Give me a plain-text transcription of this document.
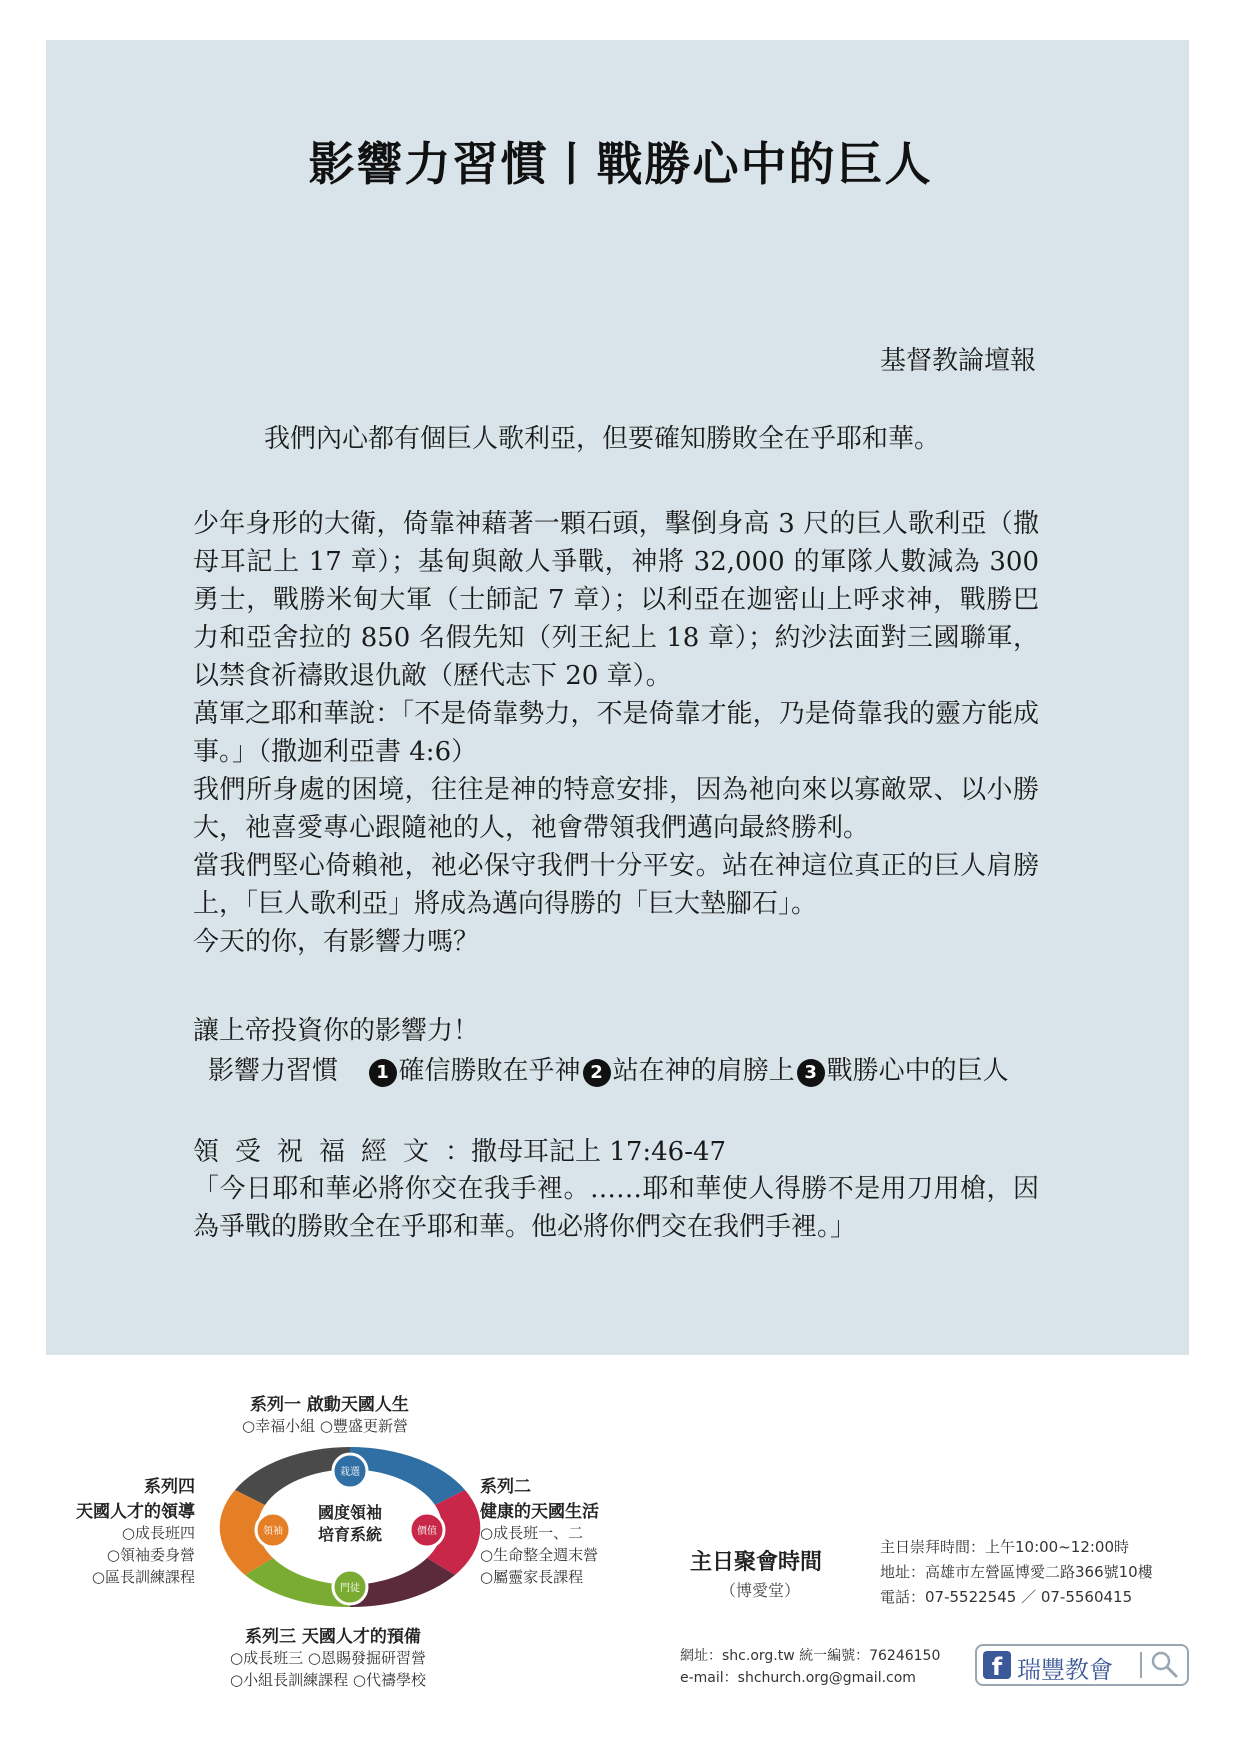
影響力習慣丨戰勝心中的巨人
基督教論壇報
我們內心都有個巨人歌利亞，但要確知勝敗全在乎耶和華。

少年身形的大衛，倚靠神藉著一顆石頭，擊倒身高 3 尺的巨人歌利亞（撒母耳記上 17 章）；基甸與敵人爭戰，神將 32,000 的軍隊人數減為 300 勇士，戰勝米甸大軍（士師記 7 章）；以利亞在迦密山上呼求神，戰勝巴力和亞舍拉的 850 名假先知（列王紀上 18 章）；約沙法面對三國聯軍，以禁食祈禱敗退仇敵（歷代志下 20 章）。

萬軍之耶和華說：「不是倚靠勢力，不是倚靠才能，乃是倚靠我的靈方能成事。」（撒迦利亞書 4:6）

我們所身處的困境，往往是神的特意安排，因為祂向來以寡敵眾、以小勝大，祂喜愛專心跟隨祂的人，祂會帶領我們邁向最終勝利。

當我們堅心倚賴祂，祂必保守我們十分平安。站在神這位真正的巨人肩膀上，「巨人歌利亞」將成為邁向得勝的「巨大墊腳石」。

今天的你，有影響力嗎？

讓上帝投資你的影響力！
影響力習慣 1 確信勝敗在乎神 2 站在神的肩膀上 3 戰勝心中的巨人
領受祝福經文：撒母耳記上 17:46-47
「今日耶和華必將你交在我手裡。……耶和華使人得勝不是用刀用槍，因為爭戰的勝敗全在乎耶和華。他必將你們交在我們手裡。」
栽選
價值
門徒
領袖
國度領袖
培育系統
系列一 啟動天國人生
○幸福小組 ○豐盛更新營
系列二
健康的天國生活
○成長班一、二
○生命整全週末營
○屬靈家長課程
系列三 天國人才的預備
○成長班三 ○恩賜發掘研習營
○小組長訓練課程 ○代禱學校
系列四
天國人才的領導
○成長班四
○領袖委身營
○區長訓練課程
主日聚會時間
（博愛堂）
主日崇拜時間：上午10:00~12:00時
地址：高雄市左營區博愛二路366號10樓
電話：07-5522545 ／ 07-5560415
網址：shc.org.tw 統一編號：76246150
e-mail：shchurch.org@gmail.com	f 瑞豐教會
